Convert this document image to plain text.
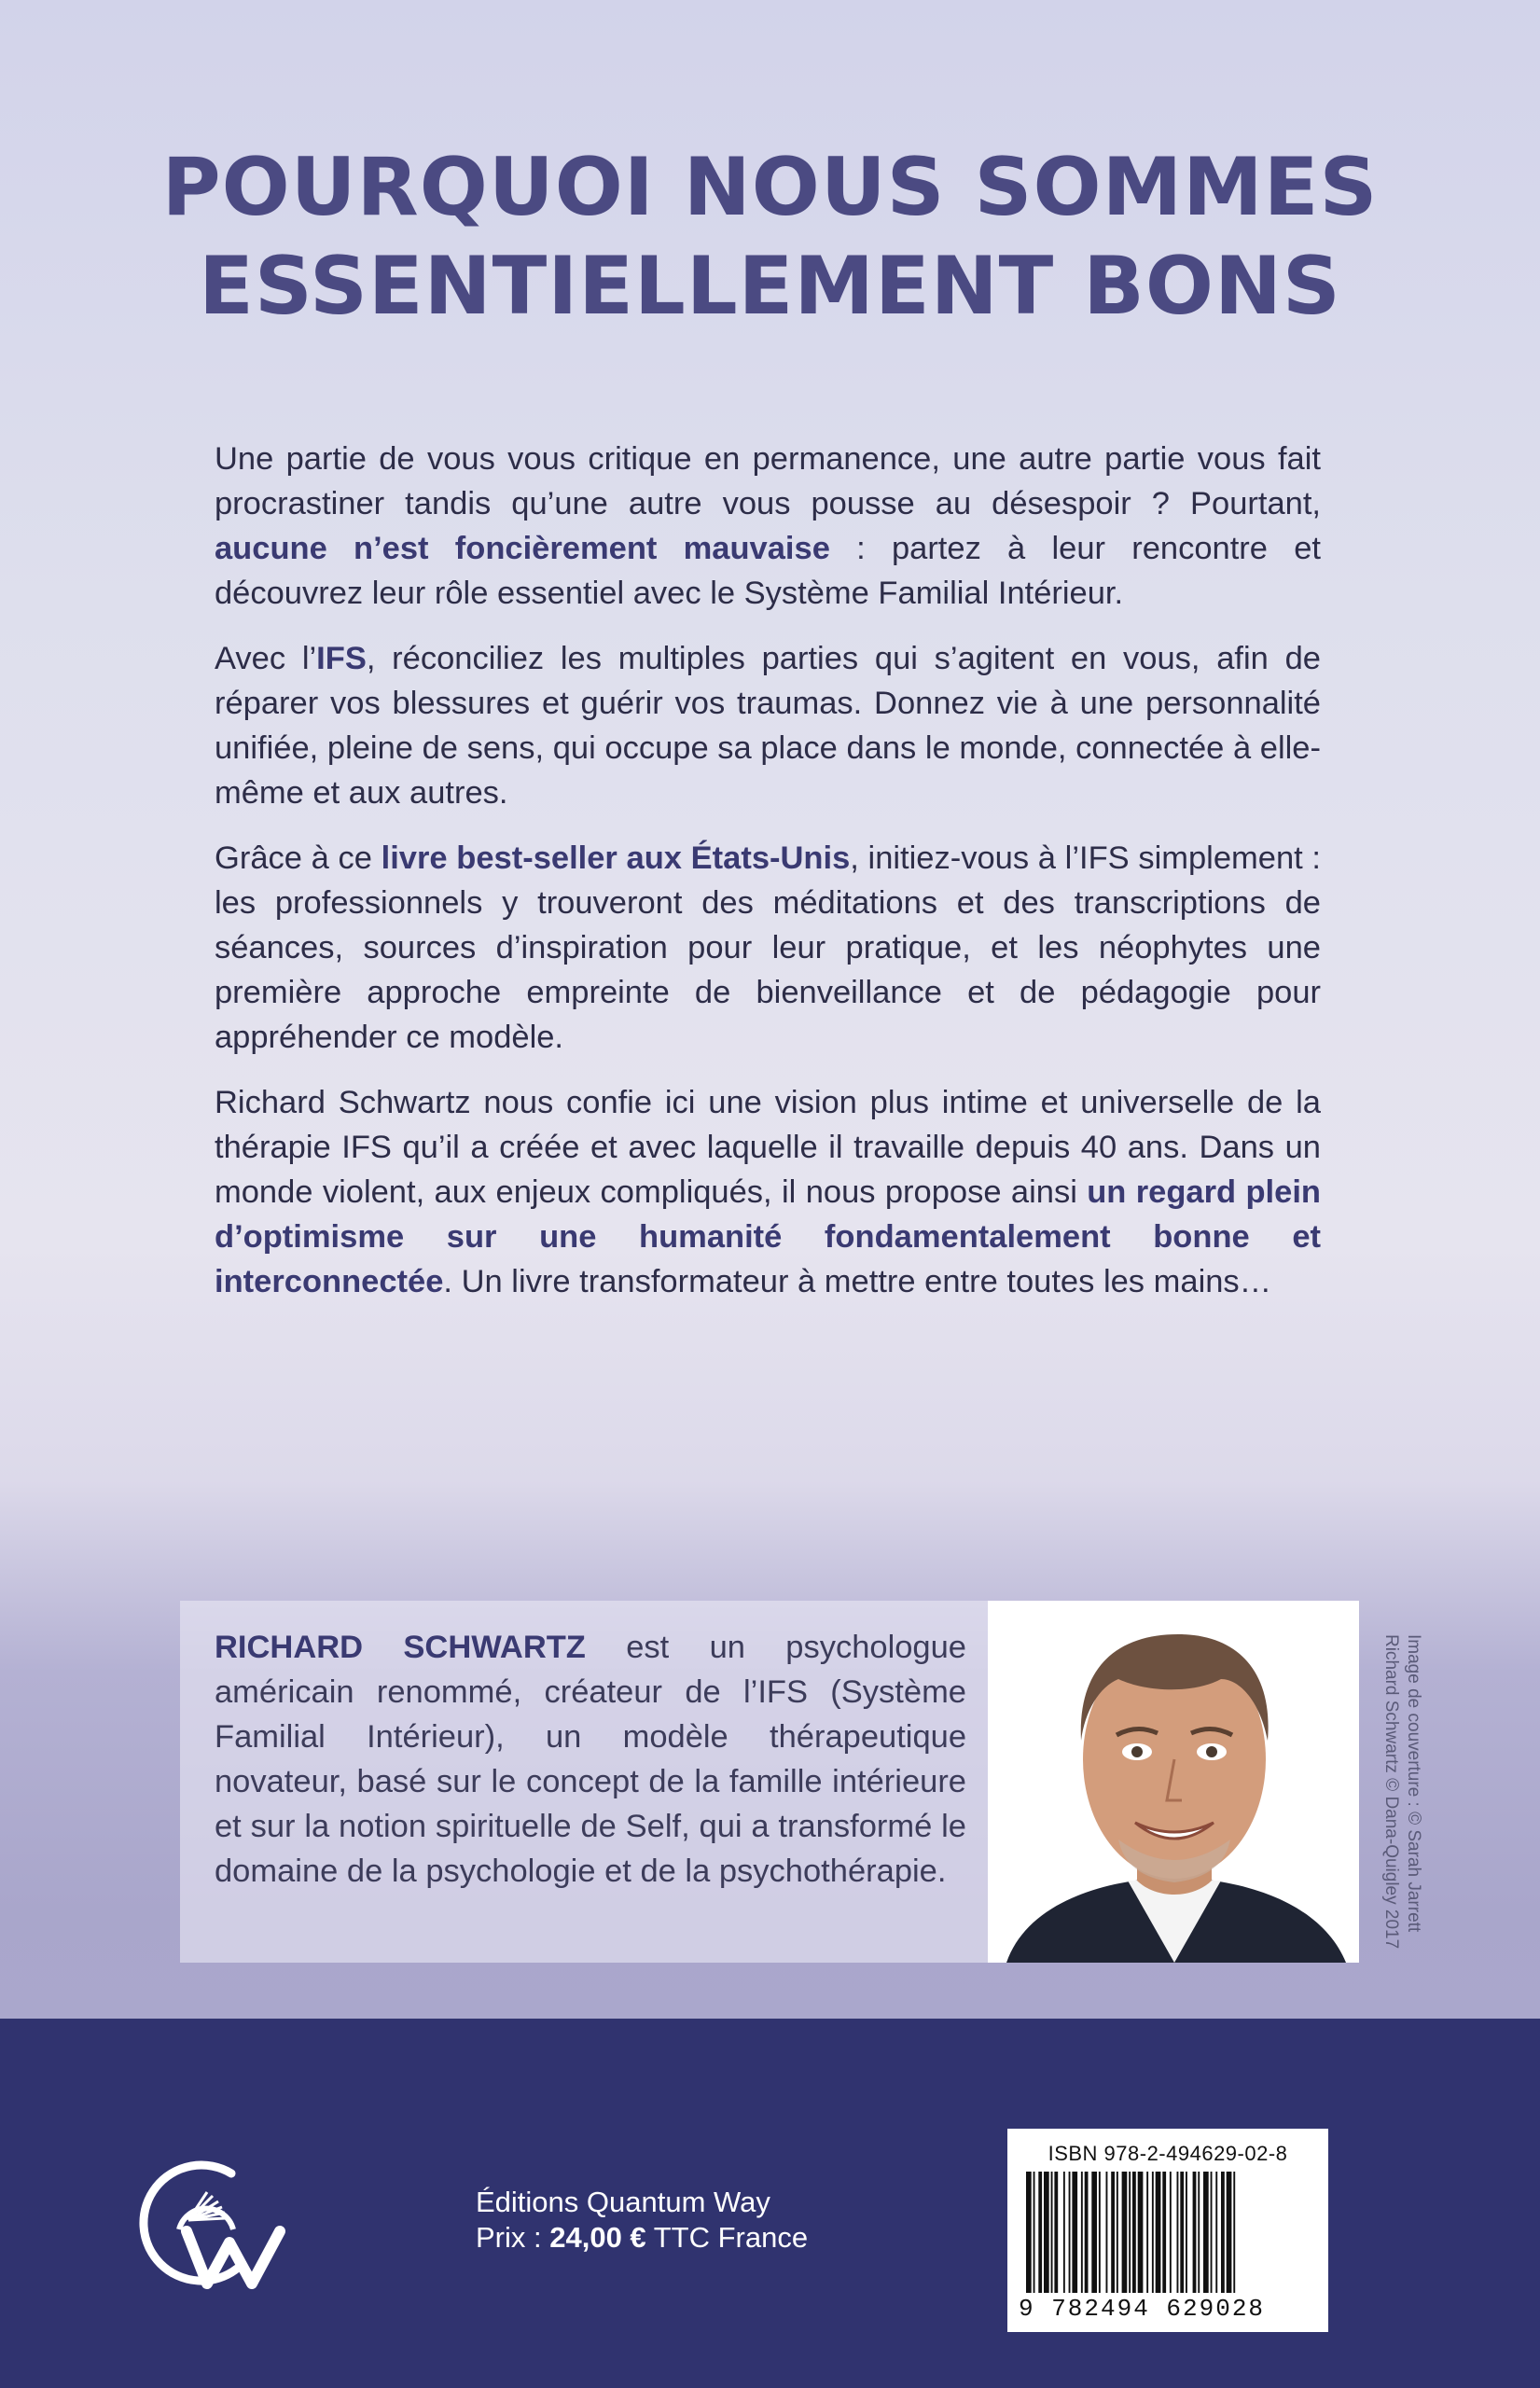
POURQUOI NOUS SOMMES
ESSENTIELLEMENT BONS

Une partie de vous vous critique en permanence, une autre partie vous fait procrastiner tandis qu’une autre vous pousse au désespoir ? Pourtant, aucune n’est foncièrement mauvaise : partez à leur rencontre et découvrez leur rôle essentiel avec le Système Familial Intérieur.

Avec l’IFS, réconciliez les multiples parties qui s’agitent en vous, afin de réparer vos blessures et guérir vos traumas. Donnez vie à une personnalité unifiée, pleine de sens, qui occupe sa place dans le monde, connectée à elle-même et aux autres.

Grâce à ce livre best-seller aux États-Unis, initiez-vous à l’IFS simplement : les professionnels y trouveront des méditations et des transcriptions de séances, sources d’inspiration pour leur pratique, et les néophytes une première approche empreinte de bienveillance et de pédagogie pour appréhender ce modèle.

Richard Schwartz nous confie ici une vision plus intime et universelle de la thérapie IFS qu’il a créée et avec laquelle il travaille depuis 40 ans. Dans un monde violent, aux enjeux compliqués, il nous propose ainsi un regard plein d’optimisme sur une humanité fondamentalement bonne et interconnectée. Un livre transformateur à mettre entre toutes les mains…

RICHARD SCHWARTZ est un psychologue américain renommé, créateur de l’IFS (Système Familial Intérieur), un modèle thérapeutique novateur, basé sur le concept de la famille intérieure et sur la notion spirituelle de Self, qui a transformé le domaine de la psychologie et de la psychothérapie.	Image de couverture : © Sarah Jarrett
Richard Schwartz © Dana-Quigley 2017
Éditions Quantum Way
Prix : 24,00 € TTC France
ISBN 978-2-494629-02-8
9 782494 629028
